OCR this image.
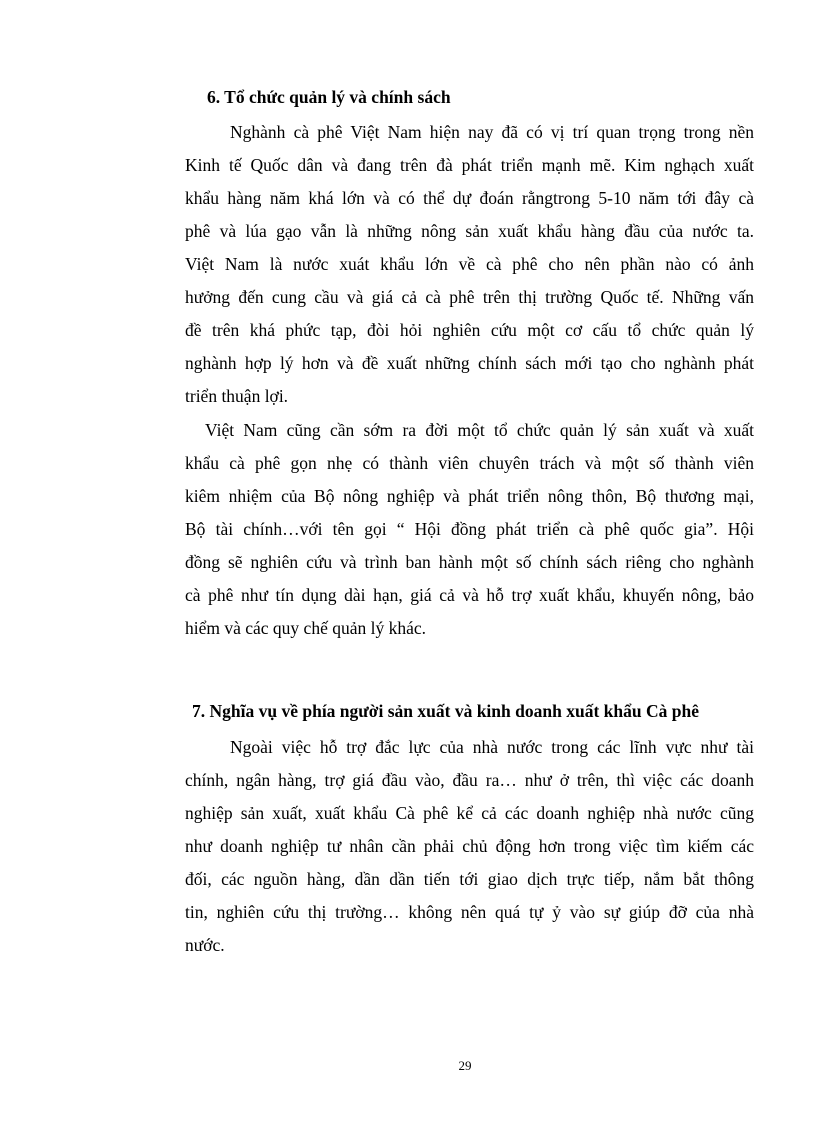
6. Tổ chức quản lý và chính sách
Nghành cà phê Việt Nam hiện nay đã có vị trí quan trọng trong nền
Kinh tế Quốc dân và đang trên đà phát triển mạnh mẽ. Kim nghạch xuất
khẩu hàng năm khá lớn và có thể dự đoán rằngtrong 5-10 năm tới đây cà
phê và lúa gạo vẫn là những nông sản xuất khẩu hàng đầu của nước ta.
Việt Nam là nước xuát khẩu lớn về cà phê cho nên phần nào có ảnh
hưởng đến cung cầu và giá cả cà phê trên thị trường Quốc tế. Những vấn
đề trên khá phức tạp, đòi hỏi nghiên cứu một cơ cấu tổ chức quản lý
nghành hợp lý hơn và đề xuất những chính sách mới tạo cho nghành phát
triển thuận lợi.
Việt Nam cũng cần sớm ra đời một tổ chức quản lý sản xuất và xuất
khẩu cà phê gọn nhẹ có thành viên chuyên trách và một số thành viên
kiêm nhiệm của Bộ nông nghiệp và phát triển nông thôn, Bộ thương mại,
Bộ tài chính…với tên gọi “ Hội đồng phát triển cà phê quốc gia”. Hội
đồng sẽ nghiên cứu và trình ban hành một số chính sách riêng cho nghành
cà phê như tín dụng dài hạn, giá cả và hỗ trợ xuất khẩu, khuyến nông, bảo
hiểm và các quy chế quản lý khác.
7. Nghĩa vụ về phía người sản xuất và kinh doanh xuất khẩu Cà phê
Ngoài việc hỗ trợ đắc lực của nhà nước trong các lĩnh vực như tài
chính, ngân hàng, trợ giá đầu vào, đầu ra… như ở trên, thì việc các doanh
nghiệp sản xuất, xuất khẩu Cà phê kể cả các doanh nghiệp nhà nước cũng
như doanh nghiệp tư nhân cần phải chủ động hơn trong việc tìm kiếm các
đối, các nguồn hàng, dần dần tiến tới giao dịch trực tiếp, nắm bắt thông
tin, nghiên cứu thị trường… không nên quá tự ỷ vào sự giúp đỡ của nhà
nước.
29
